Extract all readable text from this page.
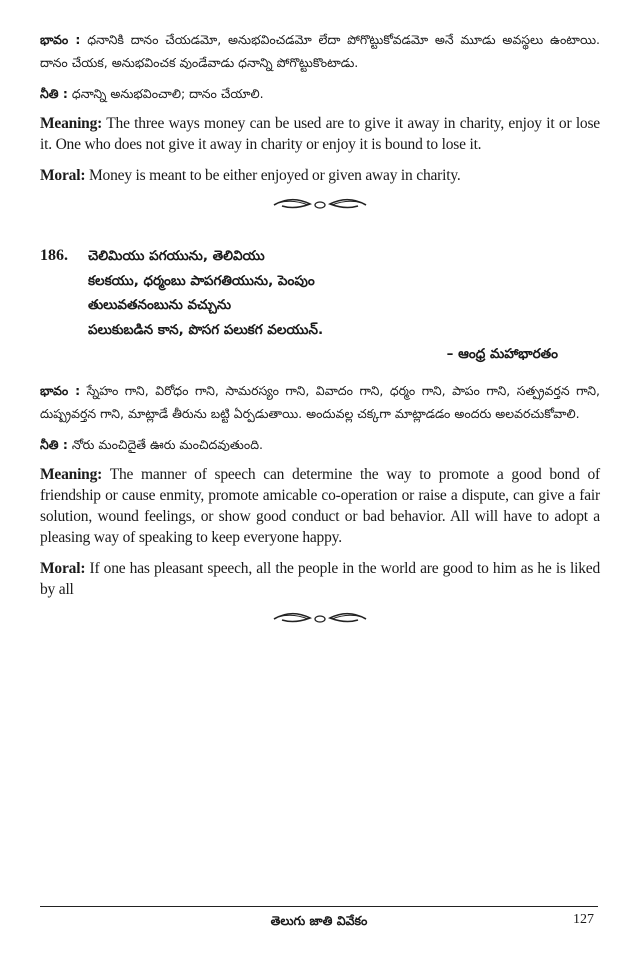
భావం : ధనానికి దానం చేయడమో, అనుభవించడమో లేదా పోగొట్టుకోవడమో అనే మూడు అవస్థలు ఉంటాయి. దానం చేయక, అనుభవించక వుండేవాడు ధనాన్ని పోగొట్టుకొంటాడు.

నీతి : ధనాన్ని అనుభవించాలి; దానం చేయాలి.

Meaning: The three ways money can be used are to give it away in charity, enjoy it or lose it. One who does not give it away in charity or enjoy it is bound to lose it.

Moral: Money is meant to be either enjoyed or given away in charity.

186.	చెలిమియు పగయును, తెలివియు
కలకయు, ధర్మంబు పాపగతియును, పెంపుం
తులువతనంబును వచ్చును
పలుకుబడిన కాన, పొసగ పలుకగ వలయున్.
– ఆంధ్ర మహాభారతం

భావం : స్నేహం గాని, విరోధం గాని, సామరస్యం గాని, వివాదం గాని, ధర్మం గాని, పాపం గాని, సత్ప్రవర్తన గాని, దుష్ప్రవర్తన గాని, మాట్లాడే తీరును బట్టి ఏర్పడుతాయి. అందువల్ల చక్కగా మాట్లాడడం అందరు అలవరచుకోవాలి.

నీతి : నోరు మంచిదైతే ఊరు మంచిదవుతుంది.

Meaning: The manner of speech can determine the way to promote a good bond of friendship or cause enmity, promote amicable co-operation or raise a dispute, can give a fair solution, wound feelings, or show good conduct or bad behavior. All will have to adopt a pleasing way of speaking to keep everyone happy.

Moral: If one has pleasant speech, all the people in the world are good to him as he is liked by all

తెలుగు జాతి వివేకం	127
